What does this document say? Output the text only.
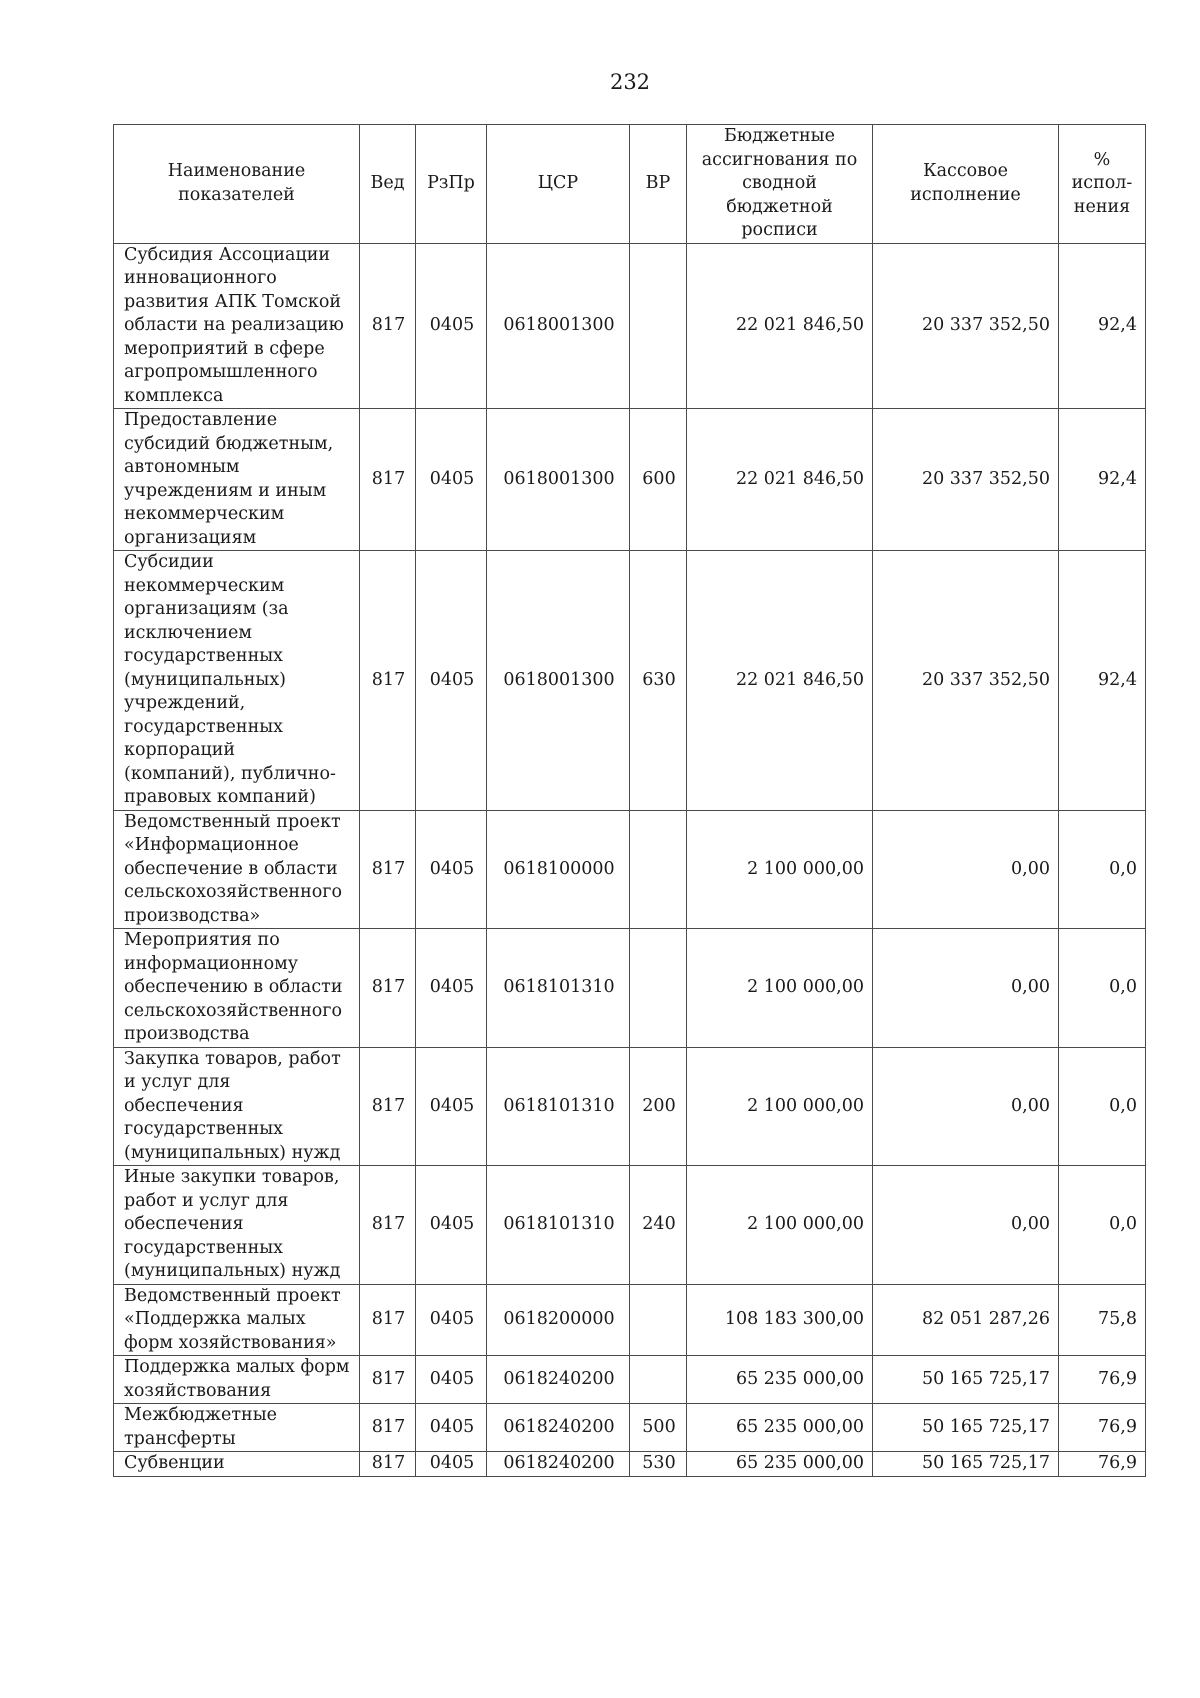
232
Наименование показателей	Вед	РзПр	ЦСР	ВР	Бюджетные ассигнования по сводной бюджетной росписи	Кассовое исполнение	% испол-нения
Субсидия Ассоциации инновационного развития АПК Томской области на реализацию мероприятий в сфере агропромышленного комплекса	817	0405	0618001300		22 021 846,50	20 337 352,50	92,4
Предоставление субсидий бюджетным, автономным учреждениям и иным некоммерческим организациям	817	0405	0618001300	600	22 021 846,50	20 337 352,50	92,4
Субсидии некоммерческим организациям (за исключением государственных (муниципальных) учреждений, государственных корпораций (компаний), публично-правовых компаний)	817	0405	0618001300	630	22 021 846,50	20 337 352,50	92,4
Ведомственный проект «Информационное обеспечение в области сельскохозяйственного производства»	817	0405	0618100000		2 100 000,00	0,00	0,0
Мероприятия по информационному обеспечению в области сельскохозяйственного производства	817	0405	0618101310		2 100 000,00	0,00	0,0
Закупка товаров, работ и услуг для обеспечения государственных (муниципальных) нужд	817	0405	0618101310	200	2 100 000,00	0,00	0,0
Иные закупки товаров, работ и услуг для обеспечения государственных (муниципальных) нужд	817	0405	0618101310	240	2 100 000,00	0,00	0,0
Ведомственный проект «Поддержка малых форм хозяйствования»	817	0405	0618200000		108 183 300,00	82 051 287,26	75,8
Поддержка малых форм хозяйствования	817	0405	0618240200		65 235 000,00	50 165 725,17	76,9
Межбюджетные трансферты	817	0405	0618240200	500	65 235 000,00	50 165 725,17	76,9
Субвенции	817	0405	0618240200	530	65 235 000,00	50 165 725,17	76,9
